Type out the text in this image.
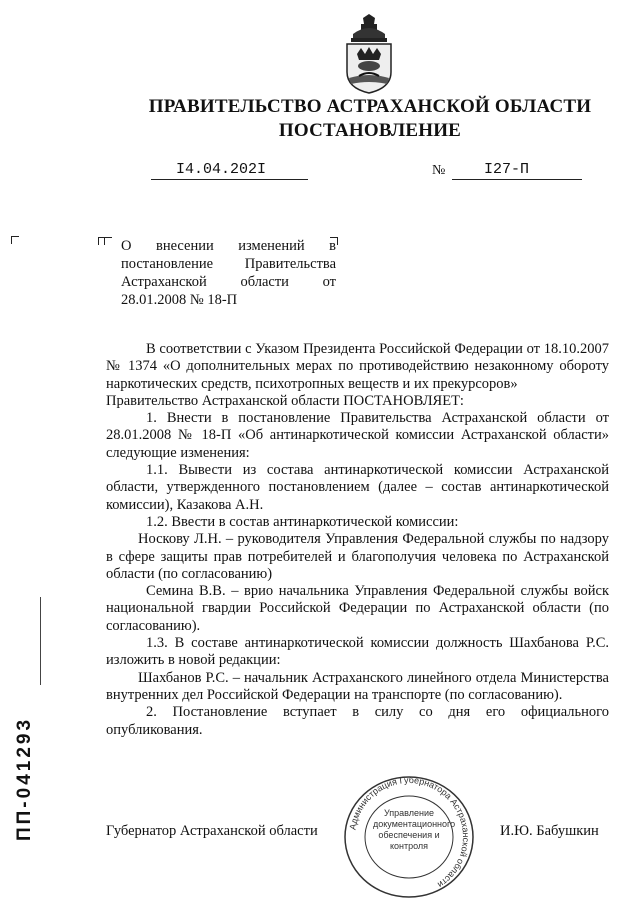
ПРАВИТЕЛЬСТВО АСТРАХАНСКОЙ ОБЛАСТИ
ПОСТАНОВЛЕНИЕ
I4.04.202I	№	I27-П
О внесении изменений в постановление Правительства Астраханской области от 28.01.2008 № 18-П

В соответствии с Указом Президента Российской Федерации от 18.10.2007 № 1374 «О дополнительных мерах по противодействию незаконному обороту наркотических средств, психотропных веществ и их прекурсоров»

Правительство Астраханской области ПОСТАНОВЛЯЕТ:

1. Внести в постановление Правительства Астраханской области от 28.01.2008 № 18-П «Об антинаркотической комиссии Астраханской области» следующие изменения:

1.1. Вывести из состава антинаркотической комиссии Астраханской области, утвержденного постановлением (далее – состав антинаркотической комиссии), Казакова А.Н.

1.2. Ввести в состав антинаркотической комиссии:

Носкову Л.Н. – руководителя Управления Федеральной службы по надзору в сфере защиты прав потребителей и благополучия человека по Астраханской области (по согласованию)

Семина В.В. – врио начальника Управления Федеральной службы войск национальной гвардии Российской Федерации по Астраханской области (по согласованию).

1.3. В составе антинаркотической комиссии должность Шахбанова Р.С. изложить в новой редакции:

Шахбанов Р.С. – начальник Астраханского линейного отдела Министерства внутренних дел Российской Федерации на транспорте (по согласованию).

2. Постановление вступает в силу со дня его официального опубликования.

Губернатор Астраханской области	И.Ю. Бабушкин
Администрация Губернатора Астраханской области
Управление документационного обеспечения и контроля
ПП-041293
